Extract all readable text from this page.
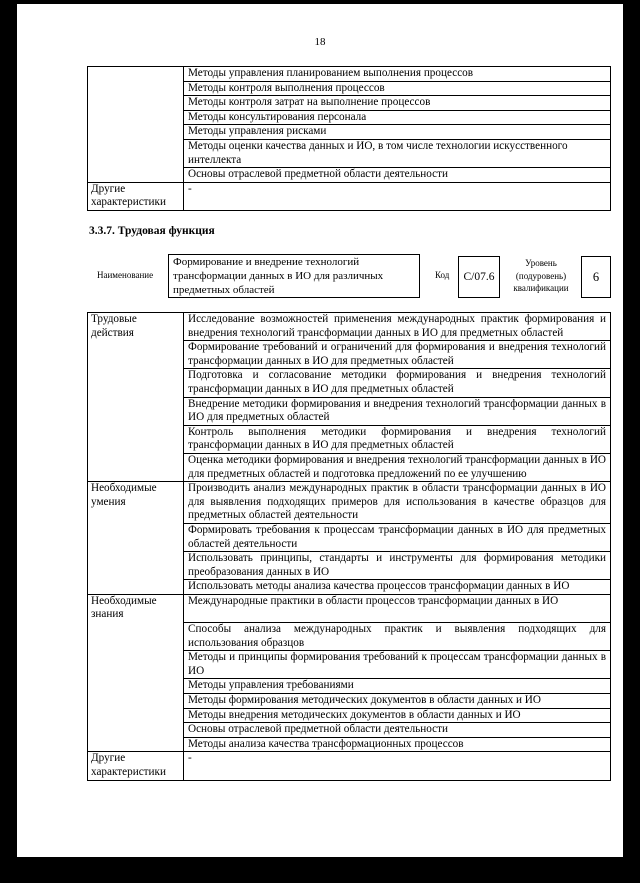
18
	Методы управления планированием выполнения процессов
	Методы контроля выполнения процессов
	Методы контроля затрат на выполнение процессов
	Методы консультирования персонала
	Методы управления рисками
	Методы оценки качества данных и ИО, в том числе технологии искусственного интеллекта
	Основы отраслевой предметной области деятельности
Другие характеристики	-
3.3.7. Трудовая функция
Наименование
Формирование и внедрение технологий трансформации данных в ИО для различных предметных областей
Код	C/07.6
Уровень (подуровень) квалификации
6
Трудовые действия	Исследование возможностей применения международных практик формирования и внедрения технологий трансформации данных в ИО для предметных областей
	Формирование требований и ограничений для формирования и внедрения технологий трансформации данных в ИО для предметных областей
	Подготовка и согласование методики формирования и внедрения технологий трансформации данных в ИО для предметных областей
	Внедрение методики формирования и внедрения технологий трансформации данных в ИО для предметных областей
	Контроль выполнения методики формирования и внедрения технологий трансформации данных в ИО для предметных областей
	Оценка методики формирования и внедрения технологий трансформации данных в ИО для предметных областей и подготовка предложений по ее улучшению
Необходимые умения	Производить анализ международных практик в области трансформации данных в ИО для выявления подходящих примеров для использования в качестве образцов для предметных областей деятельности
	Формировать требования к процессам трансформации данных в ИО для предметных областей деятельности
	Использовать принципы, стандарты и инструменты для формирования методики преобразования данных в ИО
	Использовать методы анализа качества процессов трансформации данных в ИО
Необходимые знания	Международные практики в области процессов трансформации данных в ИО
	Способы анализа международных практик и выявления подходящих для использования образцов
	Методы и принципы формирования требований к процессам трансформации данных в ИО
	Методы управления требованиями
	Методы формирования методических документов в области данных и ИО
	Методы внедрения методических документов в области данных и ИО
	Основы отраслевой предметной области деятельности
	Методы анализа качества трансформационных процессов
Другие характеристики	-
